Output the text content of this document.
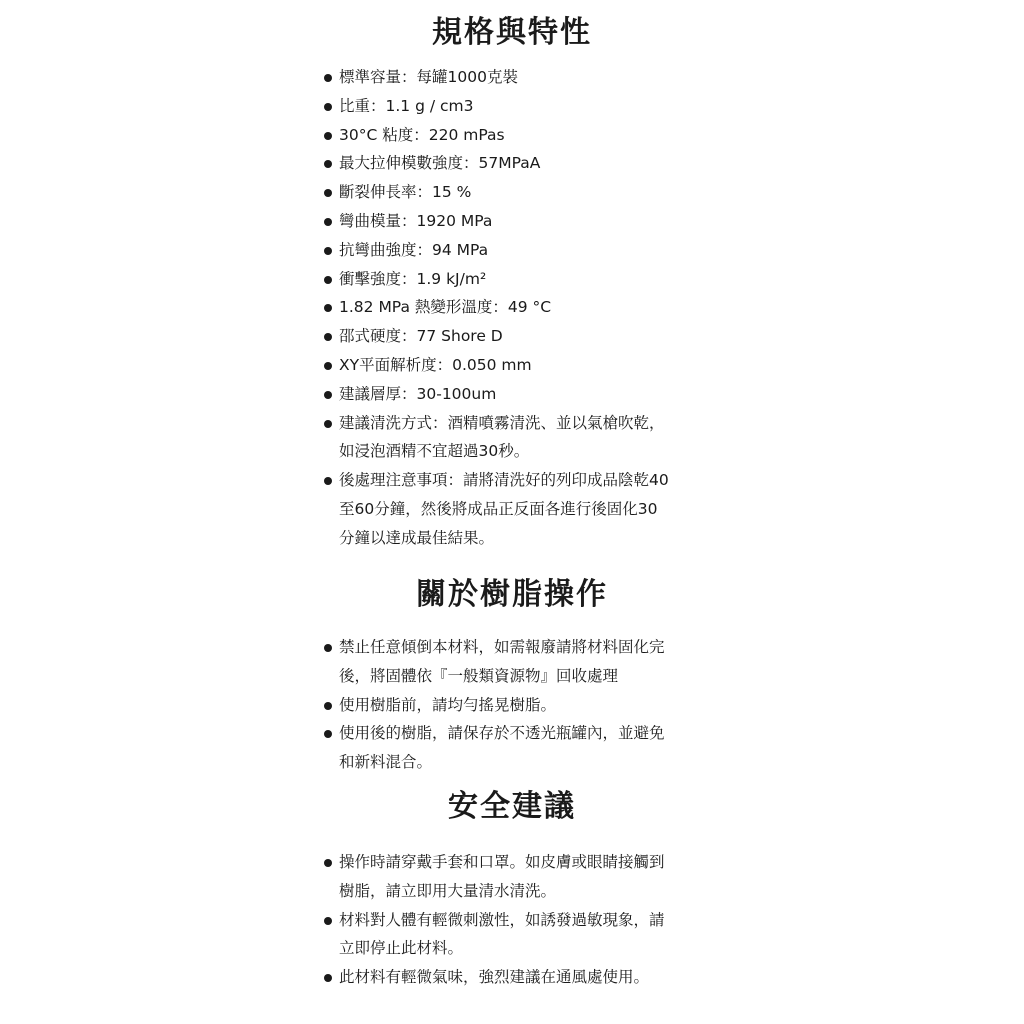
規格與特性
標準容量：每罐1000克裝
比重：1.1 g / cm3
30°C 粘度：220 mPas
最大拉伸模數強度：57MPaA
斷裂伸長率：15 %
彎曲模量：1920 MPa
抗彎曲強度：94 MPa
衝擊強度：1.9 kJ/m²
1.82 MPa 熱變形溫度：49 °C
邵式硬度：77 Shore D
XY平面解析度：0.050 mm
建議層厚：30-100um
建議清洗方式：酒精噴霧清洗、並以氣槍吹乾，
如浸泡酒精不宜超過30秒。
後處理注意事項：請將清洗好的列印成品陰乾40
至60分鐘，然後將成品正反面各進行後固化30
分鐘以達成最佳結果。
關於樹脂操作
禁止任意傾倒本材料，如需報廢請將材料固化完
後，將固體依『一般類資源物』回收處理
使用樹脂前，請均勻搖晃樹脂。
使用後的樹脂，請保存於不透光瓶罐內，並避免
和新料混合。
安全建議
操作時請穿戴手套和口罩。如皮膚或眼睛接觸到
樹脂，請立即用大量清水清洗。
材料對人體有輕微刺激性，如誘發過敏現象，請
立即停止此材料。
此材料有輕微氣味，強烈建議在通風處使用。
